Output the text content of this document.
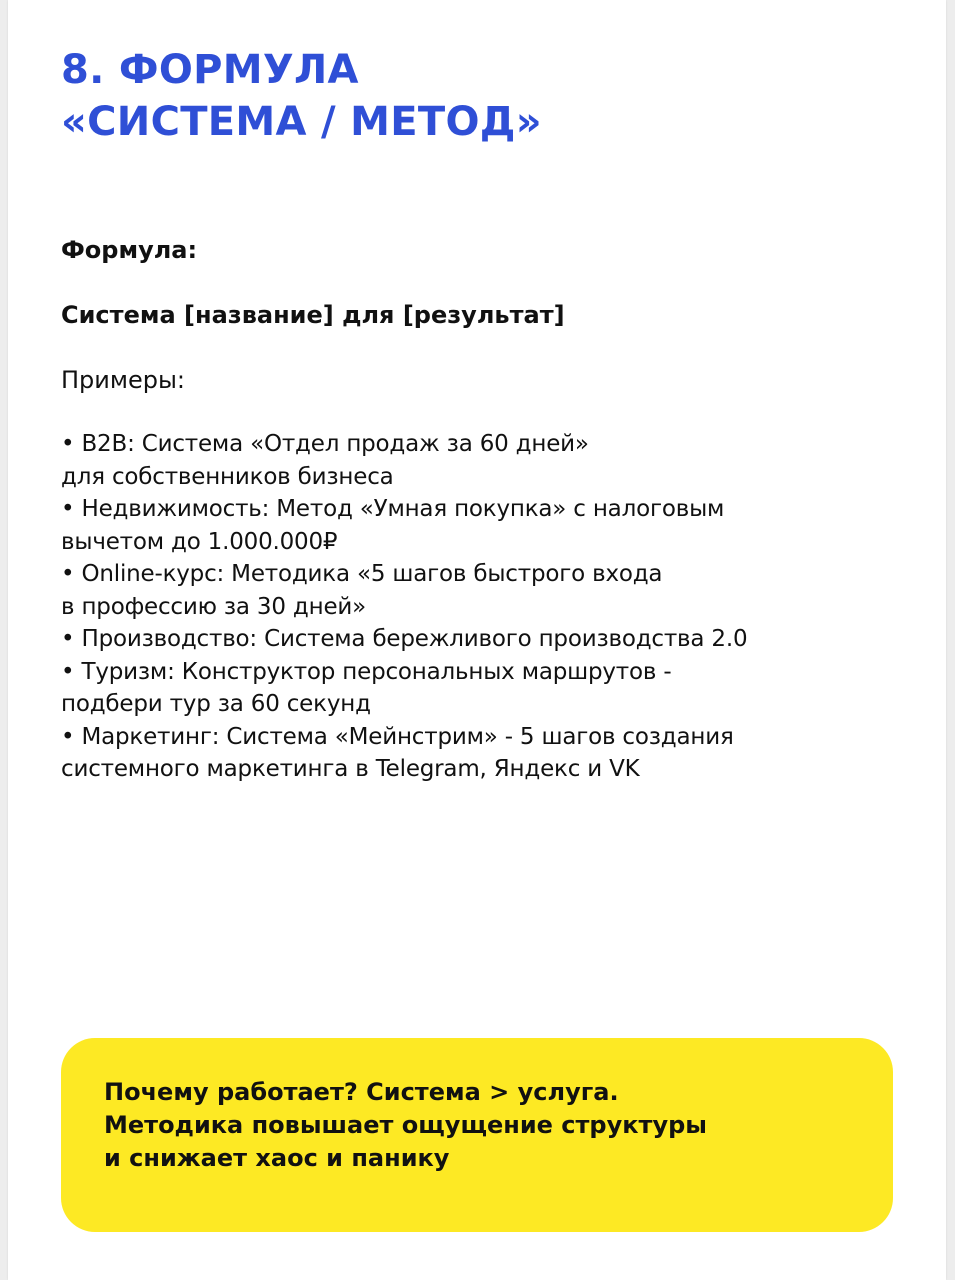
8. ФОРМУЛА
«СИСТЕМА / МЕТОД»
Формула:
Система [название] для [результат]
Примеры:
• B2B: Система «Отдел продаж за 60 дней»
для собственников бизнеса
• Недвижимость: Метод «Умная покупка» с налоговым
вычетом до 1.000.000₽
• Online-курс: Методика «5 шагов быстрого входа
в профессию за 30 дней»
• Производство: Система бережливого производства 2.0
• Туризм: Конструктор персональных маршрутов -
подбери тур за 60 секунд
• Маркетинг: Система «Мейнстрим» - 5 шагов создания
системного маркетинга в Telegram, Яндекс и VK
Почему работает? Система > услуга.
Методика повышает ощущение структуры
и снижает хаос и панику
